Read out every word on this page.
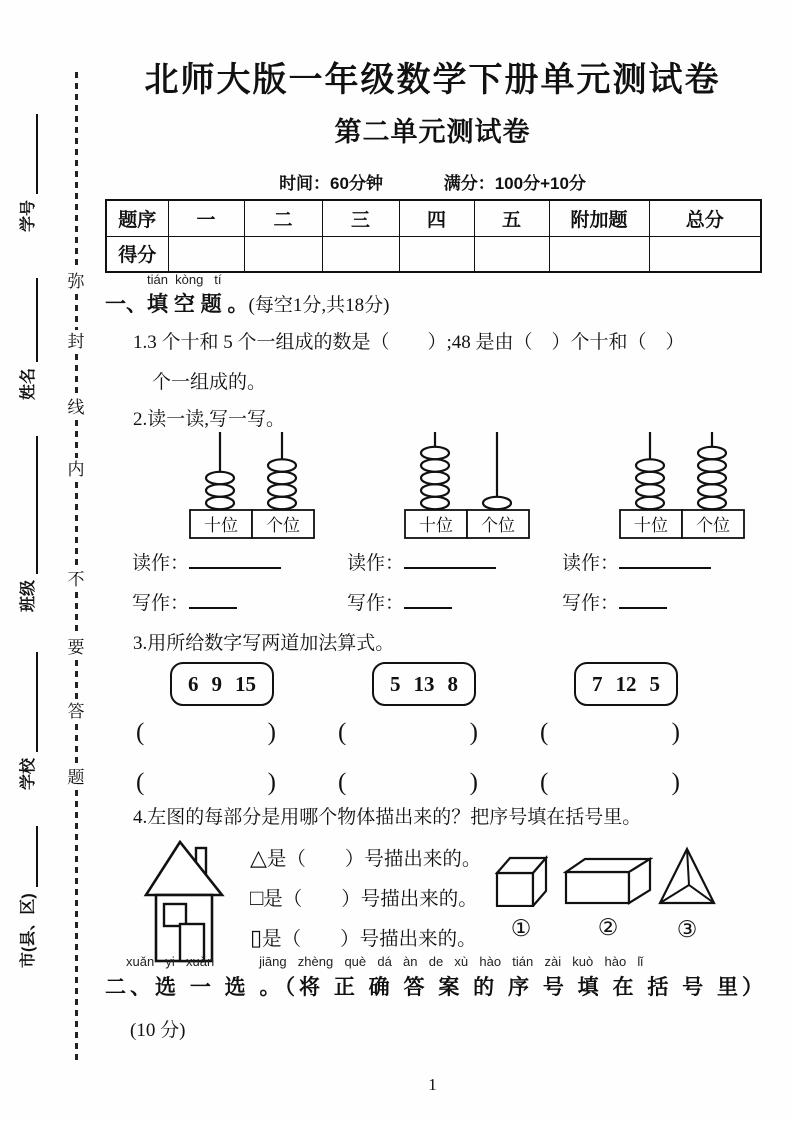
学号
姓名
班级
学校
市(县、区)
弥
封
线
内
不
要
答
题
北师大版一年级数学下册单元测试卷
第二单元测试卷
时间：60分钟	满分：100分+10分
题序	一	二	三	四	五	附加题	总分
得分							
tián  kòng   tí
一、填 空 题 。(每空1分,共18分)
1.3 个十和 5 个一组成的数是（　　）;48 是由（　）个十和（　）
个一组成的。
2.读一读,写一写。
十位 个位
读作：
写作：
十位 个位
读作：
写作：
十位 个位
读作：
写作：
3.用所给数字写两道加法算式。
6 9 15
(	)
(	)
5 13 8
(	)
(	)
7 12 5
(	)
(	)
4.左图的每部分是用哪个物体描出来的？把序号填在括号里。
△是（　　）号描出来的。
□是（　　）号描出来的。
▯是（　　）号描出来的。	①	②	③
xuǎn  yi  xuǎn        jiāng  zhèng  què  dá  àn  de  xù  hào  tián  zài  kuò  hào  lǐ
二、选 一 选 。（将 正 确 答 案 的 序 号 填 在 括 号 里）
(10 分)
1
